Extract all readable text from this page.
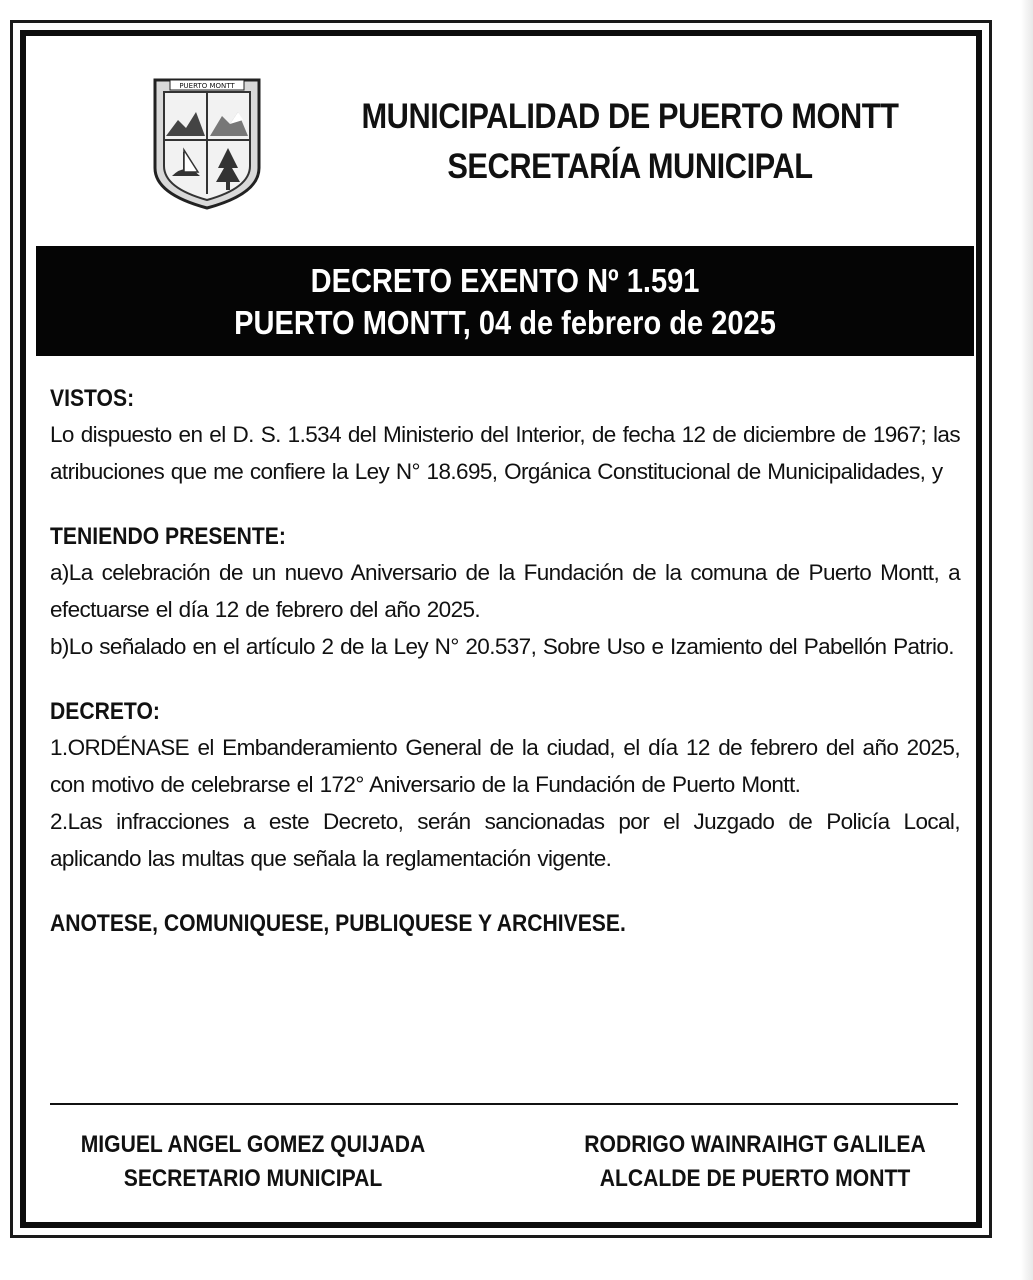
PUERTO MONTT
MUNICIPALIDAD DE PUERTO MONTT
SECRETARÍA MUNICIPAL
DECRETO EXENTO Nº 1.591
PUERTO MONTT, 04 de febrero de 2025
VISTOS:
Lo dispuesto en el D. S. 1.534 del Ministerio del Interior, de fecha 12 de diciembre de 1967; las atribuciones que me confiere la Ley N° 18.695, Orgánica Constitucional de Municipalidades, y
TENIENDO PRESENTE:
a)La celebración de un nuevo Aniversario de la Fundación de la comuna de Puerto Montt, a efectuarse el día 12 de febrero del año 2025.
b)Lo señalado en el artículo 2 de la Ley N° 20.537, Sobre Uso e Izamiento del Pabellón Patrio.
DECRETO:
1.ORDÉNASE el Embanderamiento General de la ciudad, el día 12 de febrero del año 2025, con motivo de celebrarse el 172° Aniversario de la Fundación de Puerto Montt.
2.Las infracciones a este Decreto, serán sancionadas por el Juzgado de Policía Local, aplicando las multas que señala la reglamentación vigente.
ANOTESE, COMUNIQUESE, PUBLIQUESE Y ARCHIVESE.
MIGUEL ANGEL GOMEZ QUIJADA
SECRETARIO MUNICIPAL
RODRIGO WAINRAIHGT GALILEA
ALCALDE DE PUERTO MONTT
